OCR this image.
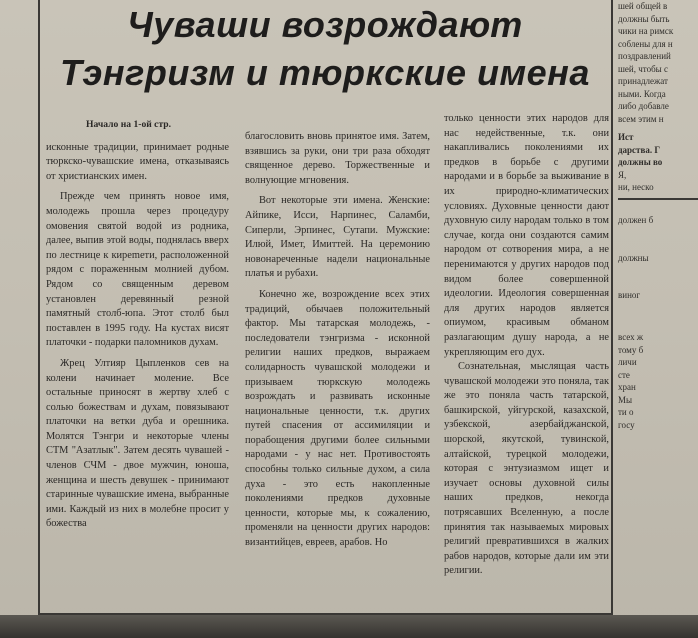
Чуваши возрождают
Тэнгризм и тюркские имена

Начало на 1-ой стр.

исконные традиции, принимает родные тюркско-чувашские имена, отказываясь от христианских имен.

Прежде чем принять новое имя, молодежь прошла через процедуру омовения святой водой из родника, далее, выпив этой воды, поднялась вверх по лестнице к кирemeти, расположенной рядом с пораженным молнией дубом. Рядом со священным деревом установлен деревянный резной памятный столб-юпа. Этот столб был поставлен в 1995 году. На кустах висят платочки - подарки паломников духам.

Жрец Ултияр Цыпленков сев на колени начинает моление. Все остальные приносят в жертву хлеб с солью божествам и духам, повязывают платочки на ветки дуба и орешника. Молятся Тэнгри и некоторые члены СТМ "Азатлык". Затем десять чувашей - членов СЧМ - двое мужчин, юноша, женщина и шесть девушек - принимают старинные чувашские имена, выбранные ими. Каждый из них в молебне просит у божества

благословить вновь принятое имя. Затем, взявшись за руки, они три раза обходят священное дерево. Торжественные и волнующие мгновения.

Вот некоторые эти имена. Женские: Айпике, Исси, Нарпинес, Саламби, Сиперли, Эрпинес, Сутапи. Мужские: Илюй, Имет, Имиттей. На церемонию новонареченные надели национальные платья и рубахи.

Конечно же, возрождение всех этих традиций, обычаев положительный фактор. Мы татарская молодежь, - последователи тэнгризма - исконной религии наших предков, выражаем солидарность чувашской молодежи и призываем тюркскую молодежь возрождать и развивать исконные национальные ценности, т.к. других путей спасения от ассимиляции и порабощения другими более сильными народами - у нас нет. Противостоять способны только сильные духом, а сила духа - это есть накопленные поколениями предков духовные ценности, которые мы, к сожалению, променяли на ценности других народов: византийцев, евреев, арабов. Но

только ценности этих народов для нас недейственные, т.к. они накапливались поколениями их предков в борьбе с другими народами и в борьбе за выживание в их природно-климатических условиях. Духовные ценности дают духовную силу народам только в том случае, когда они создаются самим народом от сотворения мира, а не перенимаются у других народов под видом более совершенной идеологии. Идеология совершенная для других народов является опиумом, красивым обманом разлагающим душу народа, а не укрепляющим его дух.

Сознательная, мыслящая часть чувашской молодежи это поняла, так же это поняла часть татарской, башкирской, уйгурской, казахской, узбекской, азербайджанской, шорской, якутской, тувинской, алтайской, турецкой молодежи, которая с энтузиазмом ищет и изучает основы духовной силы наших предков, некогда потрясавших Вселенную, а после принятия так называемых мировых религий превратившихся в жалких рабов народов, которые дали им эти религии.

шей общей в
должны быть
чики на римск
соблены для н
поздравлений
шей, чтобы с
принадлежат
ными. Когда
либо добавле
всем этим н
Ист
дарства. Г
должны во
Я,
ни, неско
должен б
должны
виног
всех ж
тому б
личи
сте
хран
Мы
ти о
госу
